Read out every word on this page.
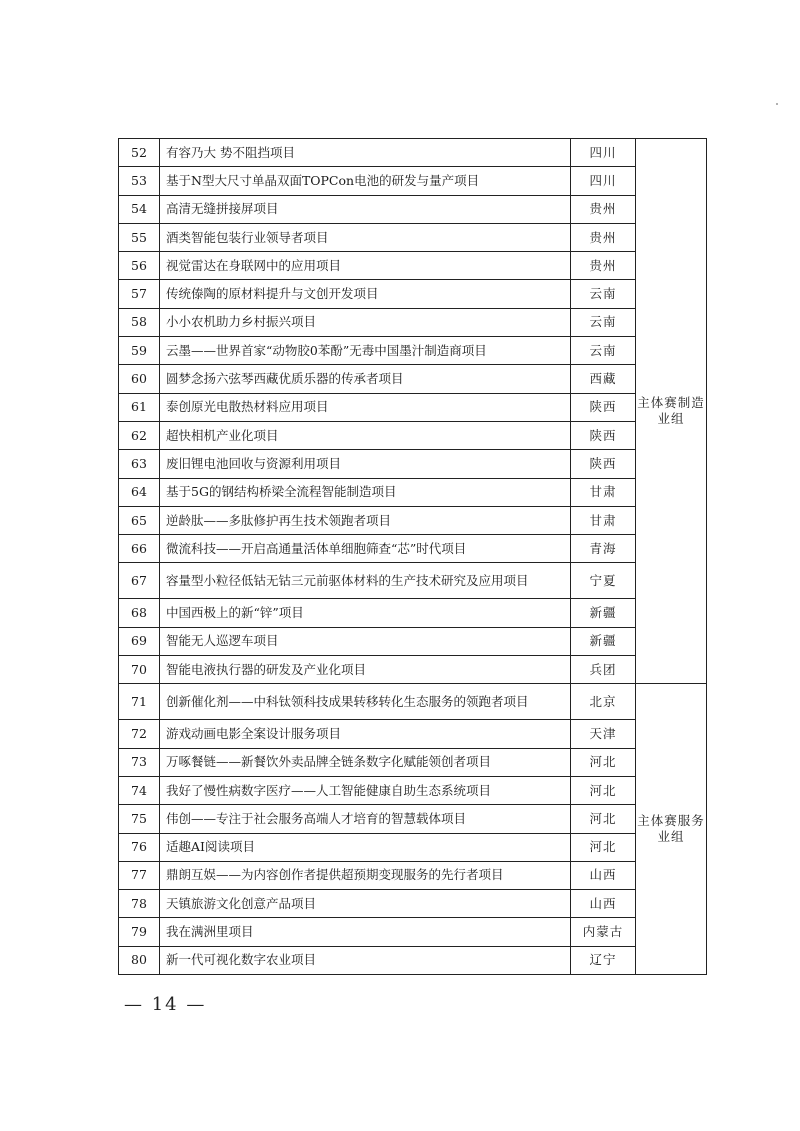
52	有容乃大 势不阻挡项目	四川	主体赛制造业组
53	基于N型大尺寸单晶双面TOPCon电池的研发与量产项目	四川	
54	高清无缝拼接屏项目	贵州	
55	酒类智能包装行业领导者项目	贵州	
56	视觉雷达在身联网中的应用项目	贵州	
57	传统傣陶的原材料提升与文创开发项目	云南	
58	小小农机助力乡村振兴项目	云南	
59	云墨——世界首家“动物胶0苯酚”无毒中国墨汁制造商项目	云南	
60	圆梦念扬六弦琴西藏优质乐器的传承者项目	西藏	
61	泰创原光电散热材料应用项目	陕西	
62	超快相机产业化项目	陕西	
63	废旧锂电池回收与资源利用项目	陕西	
64	基于5G的钢结构桥梁全流程智能制造项目	甘肃	
65	逆龄肽——多肽修护再生技术领跑者项目	甘肃	
66	微流科技——开启高通量活体单细胞筛查“芯”时代项目	青海	
67	容量型小粒径低钴无钴三元前驱体材料的生产技术研究及应用项目	宁夏	
68	中国西极上的新“锌”项目	新疆	
69	智能无人巡逻车项目	新疆	
70	智能电液执行器的研发及产业化项目	兵团	
71	创新催化剂——中科钛领科技成果转移转化生态服务的领跑者项目	北京	主体赛服务业组
72	游戏动画电影全案设计服务项目	天津	
73	万啄餐链——新餐饮外卖品牌全链条数字化赋能领创者项目	河北	
74	我好了慢性病数字医疗——人工智能健康自助生态系统项目	河北	
75	伟创——专注于社会服务高端人才培育的智慧载体项目	河北	
76	适趣AI阅读项目	河北	
77	鼎朗互娱——为内容创作者提供超预期变现服务的先行者项目	山西	
78	天镇旅游文化创意产品项目	山西	
79	我在满洲里项目	内蒙古	
80	新一代可视化数字农业项目	辽宁	
— 14 —
